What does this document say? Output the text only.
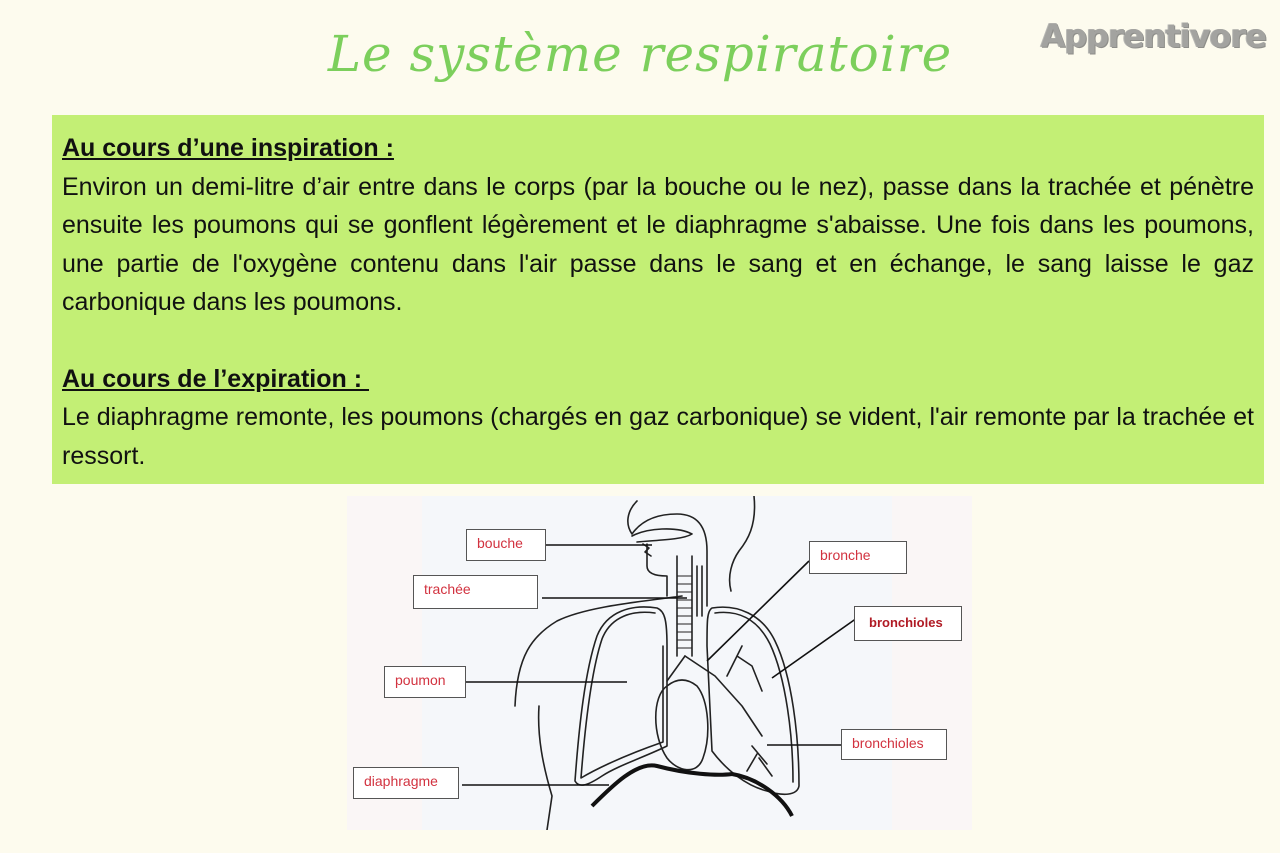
Le système respiratoire	Apprentivore
Au cours d’une inspiration :

Environ un demi-litre d’air entre dans le corps (par la bouche ou le nez), passe dans la trachée et pénètre ensuite les poumons qui se gonflent légèrement et le diaphragme s'abaisse. Une fois dans les poumons, une partie de l'oxygène contenu dans l'air passe dans le sang et en échange, le sang laisse le gaz carbonique dans les poumons.

Au cours de l’expiration :

Le diaphragme remonte, les poumons (chargés en gaz carbonique) se vident, l'air remonte par la trachée et ressort.

bouche
trachée
poumon
diaphragme
bronche
bronchioles
bronchioles
